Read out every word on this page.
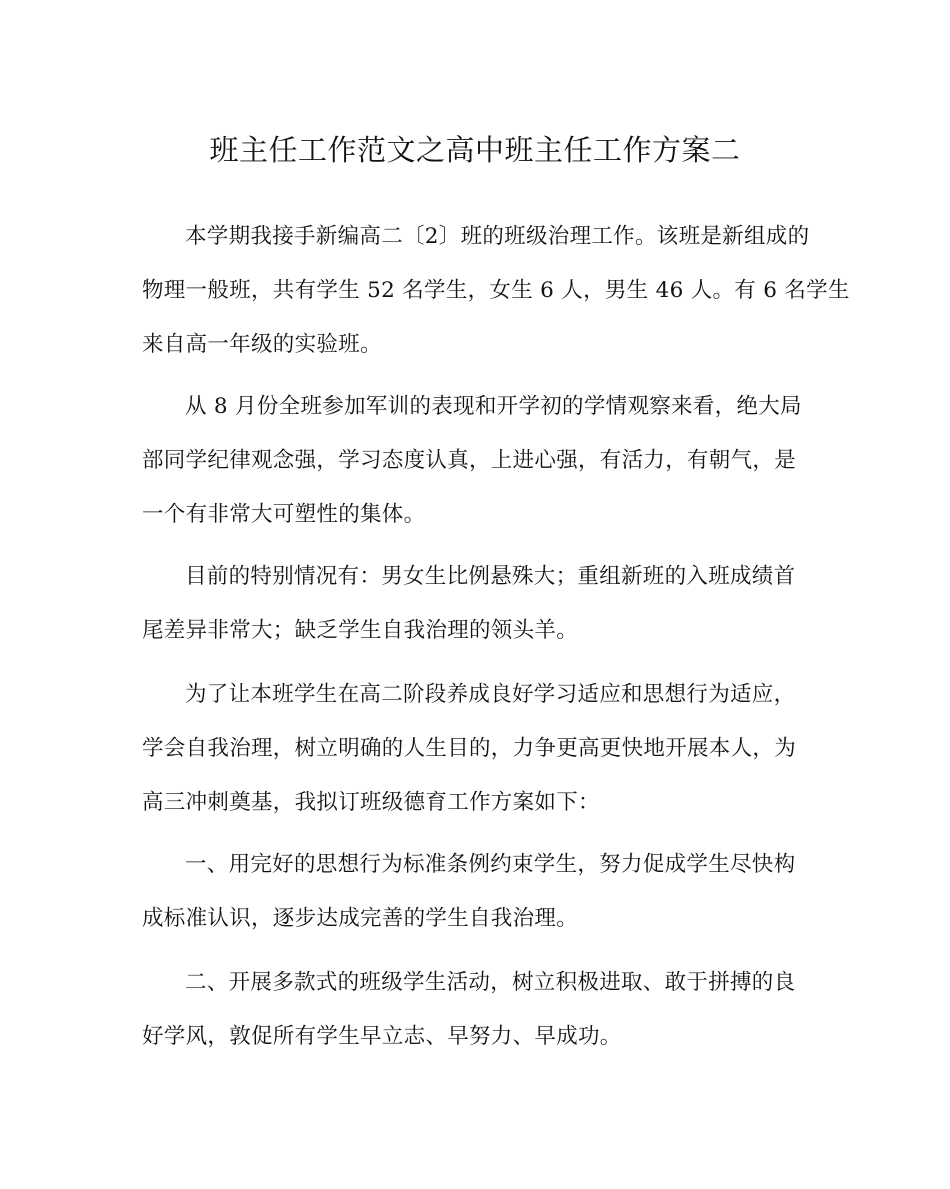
班主任工作范文之高中班主任工作方案二
本学期我接手新编高二〔2〕班的班级治理工作。该班是新组成的
物理一般班，共有学生 52 名学生，女生 6 人，男生 46 人。有 6 名学生
来自高一年级的实验班。
从 8 月份全班参加军训的表现和开学初的学情观察来看，绝大局
部同学纪律观念强，学习态度认真，上进心强，有活力，有朝气，是
一个有非常大可塑性的集体。
目前的特别情况有：男女生比例悬殊大；重组新班的入班成绩首
尾差异非常大；缺乏学生自我治理的领头羊。
为了让本班学生在高二阶段养成良好学习适应和思想行为适应，
学会自我治理，树立明确的人生目的，力争更高更快地开展本人，为
高三冲刺奠基，我拟订班级德育工作方案如下：
一、用完好的思想行为标准条例约束学生，努力促成学生尽快构
成标准认识，逐步达成完善的学生自我治理。
二、开展多款式的班级学生活动，树立积极进取、敢于拼搏的良
好学风，敦促所有学生早立志、早努力、早成功。
